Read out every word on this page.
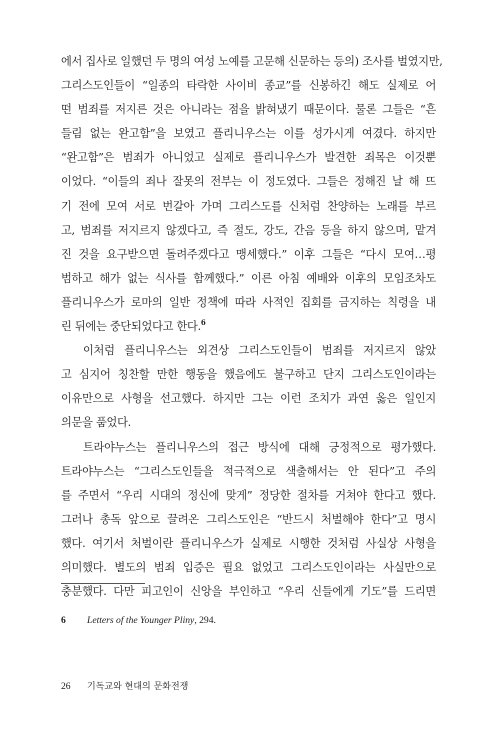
에서 집사로 일했던 두 명의 여성 노예를 고문해 신문하는 등의) 조사를 벌였지만,
그리스도인들이 “일종의 타락한 사이비 종교”를 신봉하긴 해도 실제로 어
떤 범죄를 저지른 것은 아니라는 점을 밝혀냈기 때문이다. 물론 그들은 “흔
들림 없는 완고함”을 보였고 플리니우스는 이를 성가시게 여겼다. 하지만
“완고함”은 범죄가 아니었고 실제로 플리니우스가 발견한 죄목은 이것뿐
이었다. “이들의 죄나 잘못의 전부는 이 정도였다. 그들은 정해진 날 해 뜨
기 전에 모여 서로 번갈아 가며 그리스도를 신처럼 찬양하는 노래를 부르
고, 범죄를 저지르지 않겠다고, 즉 절도, 강도, 간음 등을 하지 않으며, 맡겨
진 것을 요구받으면 돌려주겠다고 맹세했다.” 이후 그들은 “다시 모여…평
범하고 해가 없는 식사를 함께했다.” 이른 아침 예배와 이후의 모임조차도
플리니우스가 로마의 일반 정책에 따라 사적인 집회를 금지하는 칙령을 내
린 뒤에는 중단되었다고 한다.$^6$
이처럼 플리니우스는 외견상 그리스도인들이 범죄를 저지르지 않았
고 심지어 칭찬할 만한 행동을 했음에도 불구하고 단지 그리스도인이라는
이유만으로 사형을 선고했다. 하지만 그는 이런 조치가 과연 옳은 일인지
의문을 품었다.
트라야누스는 플리니우스의 접근 방식에 대해 긍정적으로 평가했다.
트라야누스는 “그리스도인들을 적극적으로 색출해서는 안 된다”고 주의
를 주면서 “우리 시대의 정신에 맞게” 정당한 절차를 거쳐야 한다고 했다.
그러나 총독 앞으로 끌려온 그리스도인은 “반드시 처벌해야 한다”고 명시
했다. 여기서 처벌이란 플리니우스가 실제로 시행한 것처럼 사실상 사형을
의미했다. 별도의 범죄 입증은 필요 없었고 그리스도인이라는 사실만으로
충분했다. 다만 피고인이 신앙을 부인하고 “우리 신들에게 기도”를 드리면
6 Letters of the Younger Pliny, 294.
26 기독교와 현대의 문화전쟁
